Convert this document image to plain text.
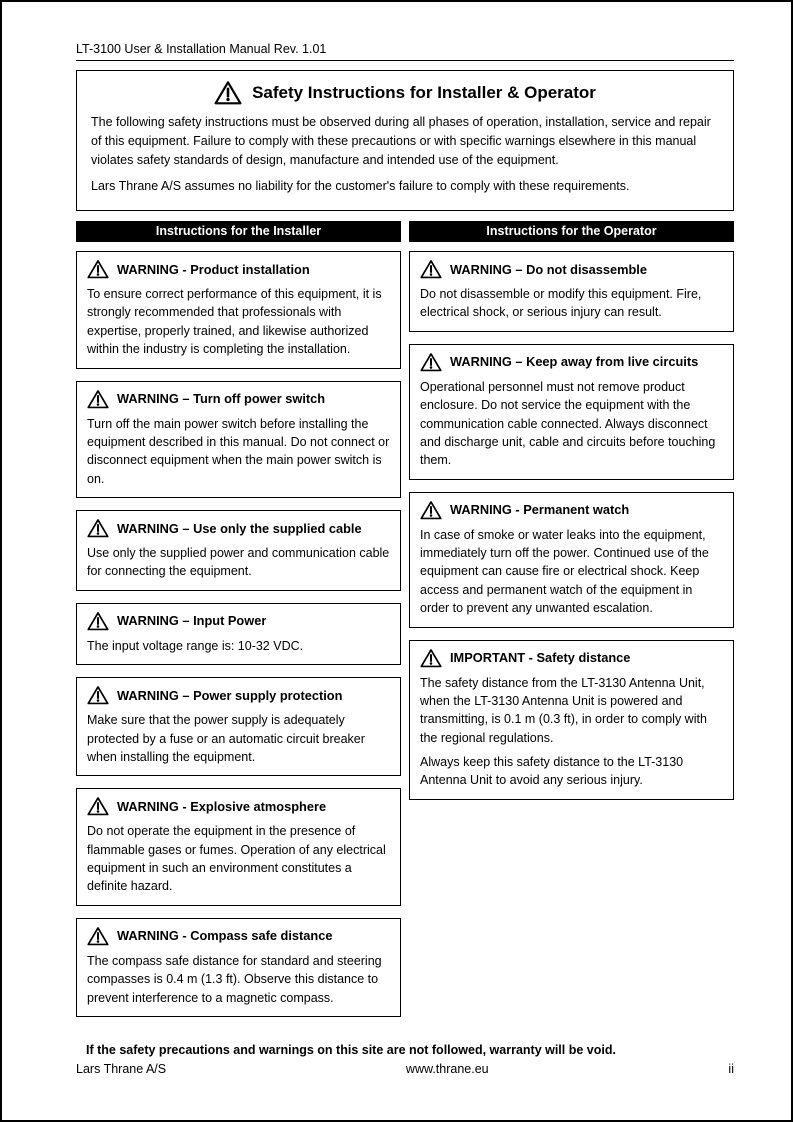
LT-3100 User & Installation Manual Rev. 1.01
Safety Instructions for Installer & Operator

The following safety instructions must be observed during all phases of operation, installation, service and repair of this equipment. Failure to comply with these precautions or with specific warnings elsewhere in this manual violates safety standards of design, manufacture and intended use of the equipment.

Lars Thrane A/S assumes no liability for the customer's failure to comply with these requirements.

Instructions for the Installer
WARNING - Product installation

To ensure correct performance of this equipment, it is strongly recommended that professionals with expertise, properly trained, and likewise authorized within the industry is completing the installation.

WARNING – Turn off power switch

Turn off the main power switch before installing the equipment described in this manual. Do not connect or disconnect equipment when the main power switch is on.

WARNING – Use only the supplied cable

Use only the supplied power and communication cable for connecting the equipment.

WARNING – Input Power

The input voltage range is: 10-32 VDC.

WARNING – Power supply protection

Make sure that the power supply is adequately protected by a fuse or an automatic circuit breaker when installing the equipment.

WARNING - Explosive atmosphere

Do not operate the equipment in the presence of flammable gases or fumes. Operation of any electrical equipment in such an environment constitutes a definite hazard.

WARNING - Compass safe distance

The compass safe distance for standard and steering compasses is 0.4 m (1.3 ft). Observe this distance to prevent interference to a magnetic compass.

Instructions for the Operator
WARNING – Do not disassemble

Do not disassemble or modify this equipment. Fire, electrical shock, or serious injury can result.

WARNING – Keep away from live circuits

Operational personnel must not remove product enclosure. Do not service the equipment with the communication cable connected. Always disconnect and discharge unit, cable and circuits before touching them.

WARNING - Permanent watch

In case of smoke or water leaks into the equipment, immediately turn off the power. Continued use of the equipment can cause fire or electrical shock. Keep access and permanent watch of the equipment in order to prevent any unwanted escalation.

IMPORTANT - Safety distance

The safety distance from the LT-3130 Antenna Unit, when the LT-3130 Antenna Unit is powered and transmitting, is 0.1 m (0.3 ft), in order to comply with the regional regulations.

Always keep this safety distance to the LT-3130 Antenna Unit to avoid any serious injury.

If the safety precautions and warnings on this site are not followed, warranty will be void.
Lars Thrane A/S	www.thrane.eu	ii
